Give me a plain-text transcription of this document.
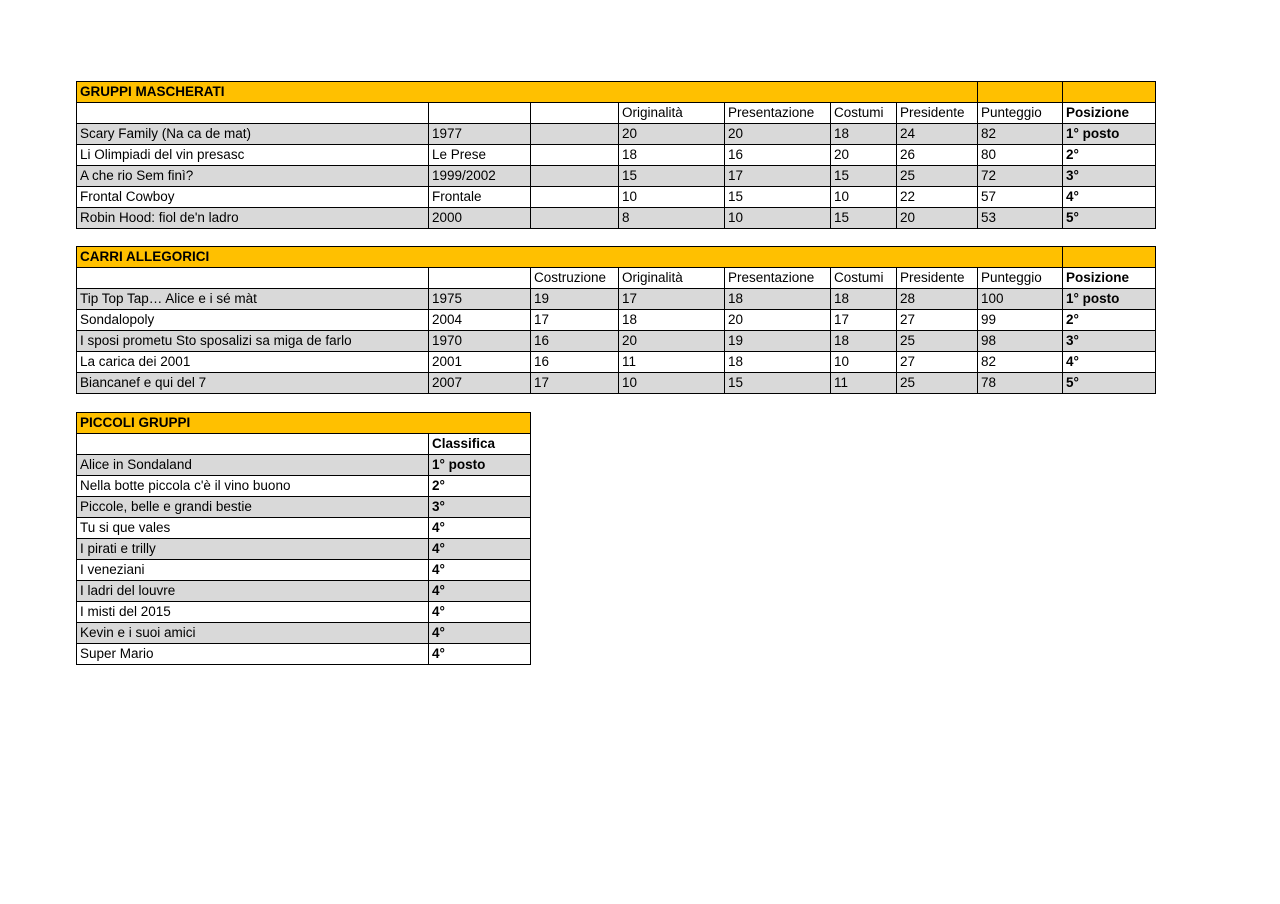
GRUPPI MASCHERATI								
			Originalità	Presentazione	Costumi	Presidente	Punteggio	Posizione
Scary Family (Na ca de mat)	1977		20	20	18	24	82	1° posto
Li Olimpiadi del vin presasc	Le Prese		18	16	20	26	80	2°
A che rio Sem finì?	1999/2002		15	17	15	25	72	3°
Frontal Cowboy	Frontale		10	15	10	22	57	4°
Robin Hood: fiol de'n ladro	2000		8	10	15	20	53	5°
CARRI ALLEGORICI								
		Costruzione	Originalità	Presentazione	Costumi	Presidente	Punteggio	Posizione
Tip Top Tap… Alice e i sé màt	1975	19	17	18	18	28	100	1° posto
Sondalopoly	2004	17	18	20	17	27	99	2°
I sposi prometu Sto sposalizi sa miga de farlo	1970	16	20	19	18	25	98	3°
La carica dei 2001	2001	16	11	18	10	27	82	4°
Biancanef e qui del 7	2007	17	10	15	11	25	78	5°
PICCOLI GRUPPI	
	Classifica
Alice in Sondaland	1° posto
Nella botte piccola c'è il vino buono	2°
Piccole, belle e grandi bestie	3°
Tu si que vales	4°
I pirati e trilly	4°
I veneziani	4°
I ladri del louvre	4°
I misti del 2015	4°
Kevin e i suoi amici	4°
Super Mario	4°
